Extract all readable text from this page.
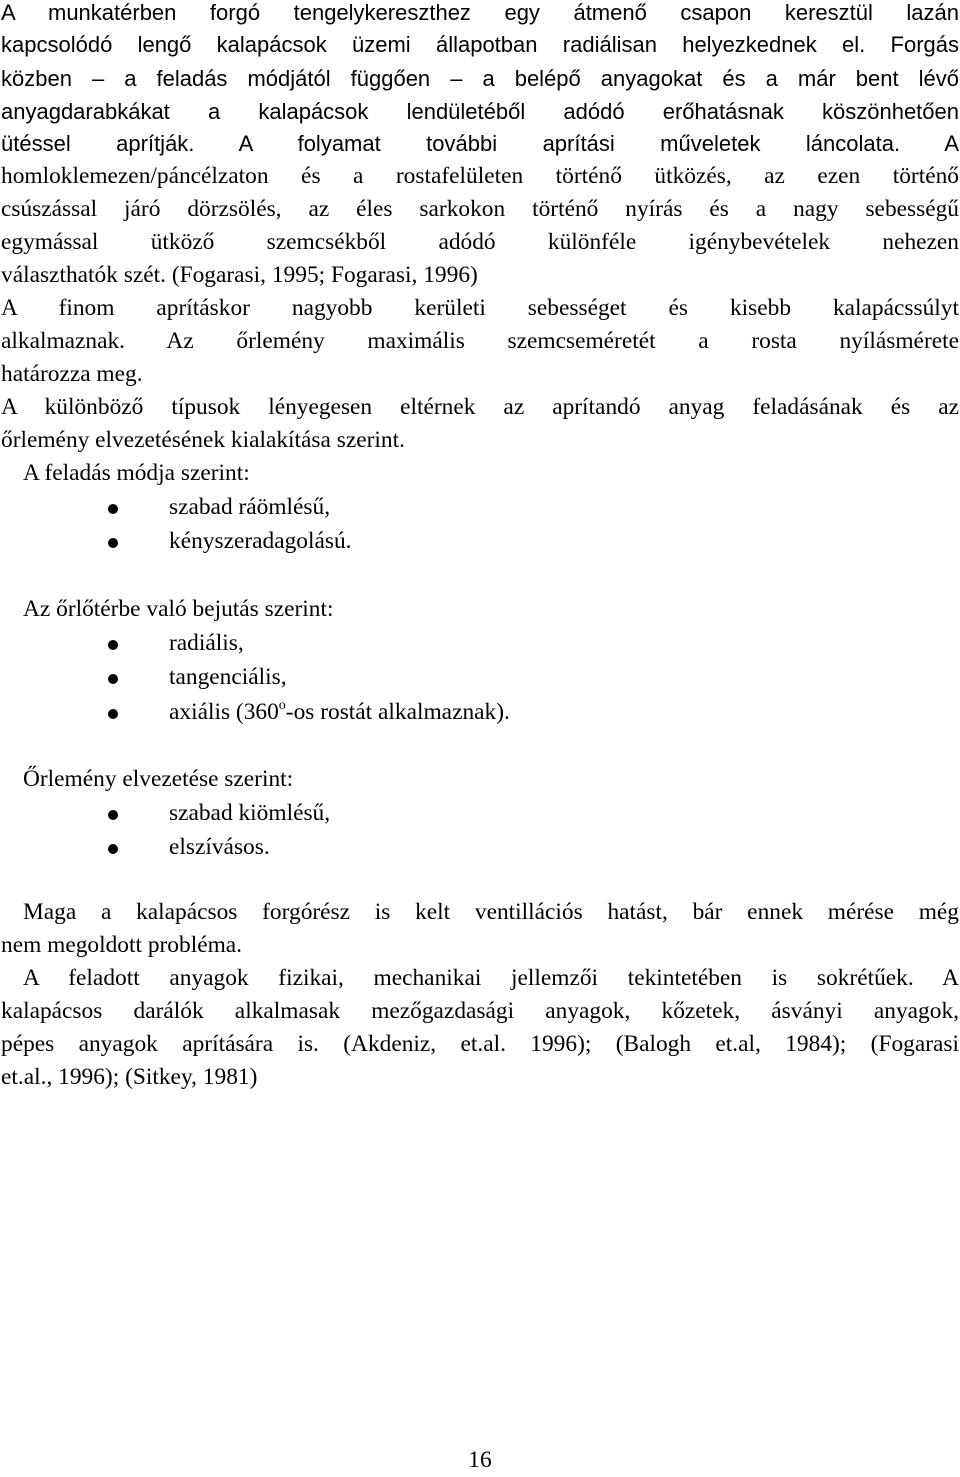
A munkatérben forgó tengelykereszthez egy átmenő csapon keresztül lazán
kapcsolódó lengő kalapácsok üzemi állapotban radiálisan helyezkednek el. Forgás
közben – a feladás módjától függően – a belépő anyagokat és a már bent lévő
anyagdarabkákat a kalapácsok lendületéből adódó erőhatásnak köszönhetően
ütéssel aprítják. A folyamat további aprítási műveletek láncolata. A
homloklemezen/páncélzaton és a rostafelületen történő ütközés, az ezen történő
csúszással járó dörzsölés, az éles sarkokon történő nyírás és a nagy sebességű
egymással ütköző szemcsékből adódó különféle igénybevételek nehezen
választhatók szét. (Fogarasi, 1995; Fogarasi, 1996)
A finom aprításkor nagyobb kerületi sebességet és kisebb kalapácssúlyt
alkalmaznak. Az őrlemény maximális szemcseméretét a rosta nyílásmérete
határozza meg.
A különböző típusok lényegesen eltérnek az aprítandó anyag feladásának és az
őrlemény elvezetésének kialakítása szerint.
A feladás módja szerint:
szabad ráömlésű,
kényszeradagolású.
Az őrlőtérbe való bejutás szerint:
radiális,
tangenciális,
axiális (360$^o$-os rostát alkalmaznak).
Őrlemény elvezetése szerint:
szabad kiömlésű,
elszívásos.
Maga a kalapácsos forgórész is kelt ventillációs hatást, bár ennek mérése még
nem megoldott probléma.
A feladott anyagok fizikai, mechanikai jellemzői tekintetében is sokrétűek. A
kalapácsos darálók alkalmasak mezőgazdasági anyagok, kőzetek, ásványi anyagok,
pépes anyagok aprítására is. (Akdeniz, et.al. 1996); (Balogh et.al, 1984); (Fogarasi
et.al., 1996); (Sitkey, 1981)
16
